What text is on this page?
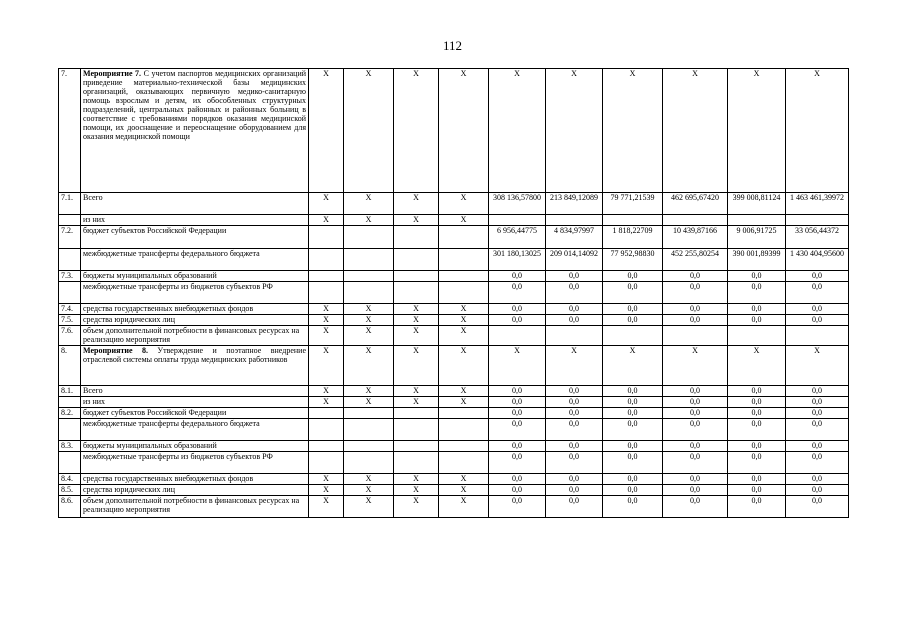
112
7.	Мероприятие 7. С учетом паспортов медицинских организаций приведение материально-технической базы медицинских организаций, оказывающих первичную медико-санитарную помощь взрослым и детям, их обособленных структурных подразделений, центральных районных и районных больниц в соответствие с требованиями порядков оказания медицинской помощи, их дооснащение и переоснащение оборудованием для оказания медицинской помощи	X	X	X	X	X	X	X	X	X	X
7.1.	Всего	X	X	X	X	308 136,57800	213 849,12089	79 771,21539	462 695,67420	399 008,81124	1 463 461,39972
	из них	X	X	X	X						
7.2.	бюджет субъектов Российской Федерации					6 956,44775	4 834,97997	1 818,22709	10 439,87166	9 006,91725	33 056,44372
	межбюджетные трансферты федерального бюджета					301 180,13025	209 014,14092	77 952,98830	452 255,80254	390 001,89399	1 430 404,95600
7.3.	бюджеты муниципальных образований					0,0	0,0	0,0	0,0	0,0	0,0
	межбюджетные трансферты из бюджетов субъектов РФ					0,0	0,0	0,0	0,0	0,0	0,0
7.4.	средства государственных внебюджетных фондов	X	X	X	X	0,0	0,0	0,0	0,0	0,0	0,0
7.5.	средства юридических лиц	X	X	X	X	0,0	0,0	0,0	0,0	0,0	0,0
7.6.	объем дополнительной потребности в финансовых ресурсах на реализацию мероприятия	X	X	X	X						
8.	Мероприятие 8. Утверждение и поэтапное внедрение отраслевой системы оплаты труда медицинских работников	X	X	X	X	X	X	X	X	X	X
8.1.	Всего	X	X	X	X	0,0	0,0	0,0	0,0	0,0	0,0
	из них	X	X	X	X	0,0	0,0	0,0	0,0	0,0	0,0
8.2.	бюджет субъектов Российской Федерации					0,0	0,0	0,0	0,0	0,0	0,0
	межбюджетные трансферты федерального бюджета					0,0	0,0	0,0	0,0	0,0	0,0
8.3.	бюджеты муниципальных образований					0,0	0,0	0,0	0,0	0,0	0,0
	межбюджетные трансферты из бюджетов субъектов РФ					0,0	0,0	0,0	0,0	0,0	0,0
8.4.	средства государственных внебюджетных фондов	X	X	X	X	0,0	0,0	0,0	0,0	0,0	0,0
8.5.	средства юридических лиц	X	X	X	X	0,0	0,0	0,0	0,0	0,0	0,0
8.6.	объем дополнительной потребности в финансовых ресурсах на реализацию мероприятия	X	X	X	X	0,0	0,0	0,0	0,0	0,0	0,0
